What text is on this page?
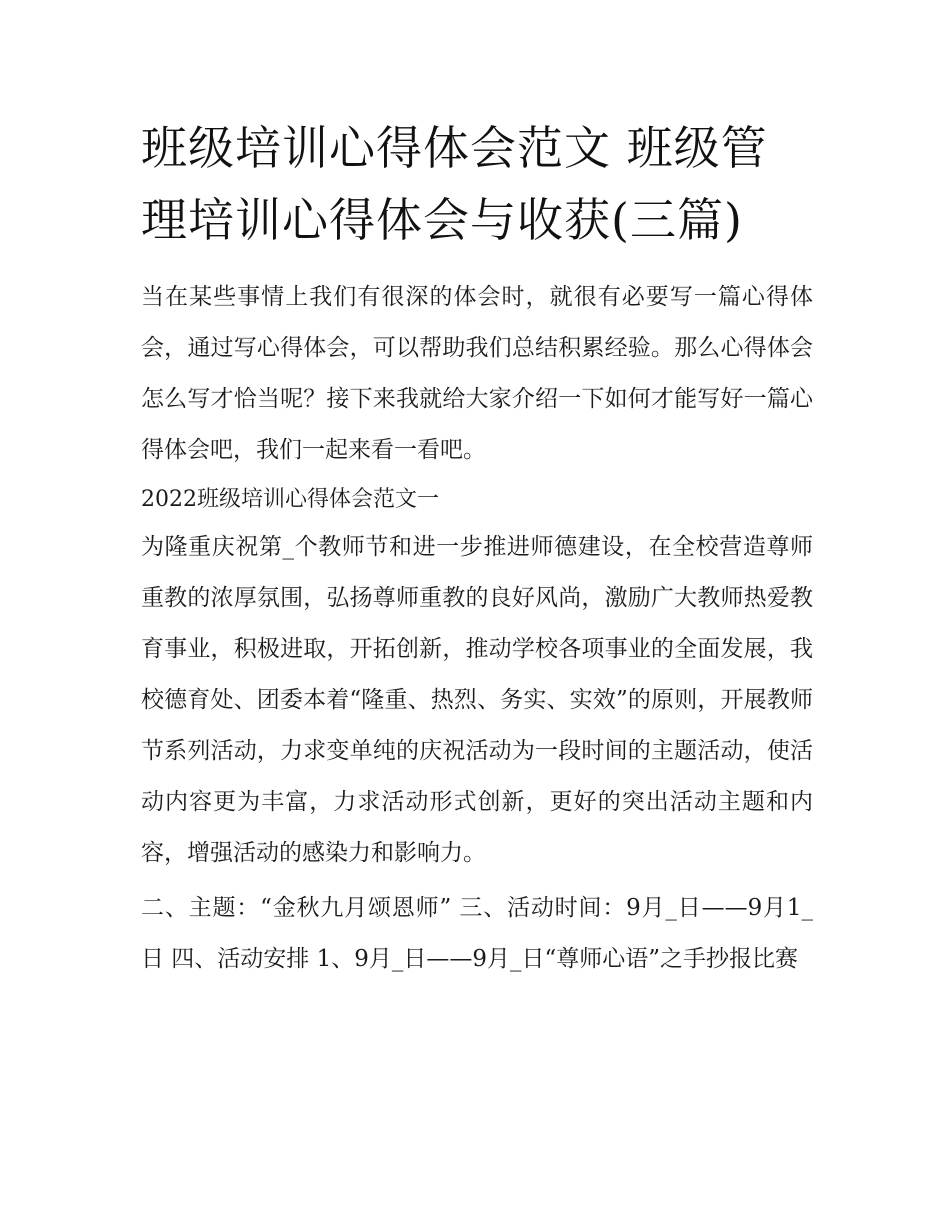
班级培训心得体会范文 班级管理培训心得体会与收获(三篇)

当在某些事情上我们有很深的体会时，就很有必要写一篇心得体会，通过写心得体会，可以帮助我们总结积累经验。那么心得体会怎么写才恰当呢？接下来我就给大家介绍一下如何才能写好一篇心得体会吧，我们一起来看一看吧。

2022班级培训心得体会范文一

为隆重庆祝第_个教师节和进一步推进师德建设，在全校营造尊师重教的浓厚氛围，弘扬尊师重教的良好风尚，激励广大教师热爱教育事业，积极进取，开拓创新，推动学校各项事业的全面发展，我校德育处、团委本着“隆重、热烈、务实、实效”的原则，开展教师节系列活动，力求变单纯的庆祝活动为一段时间的主题活动，使活动内容更为丰富，力求活动形式创新，更好的突出活动主题和内容，增强活动的感染力和影响力。

二、主题：“金秋九月颂恩师” 三、活动时间：9月_日——9月1_日 四、活动安排 1、9月_日——9月_日“尊师心语”之手抄报比赛
